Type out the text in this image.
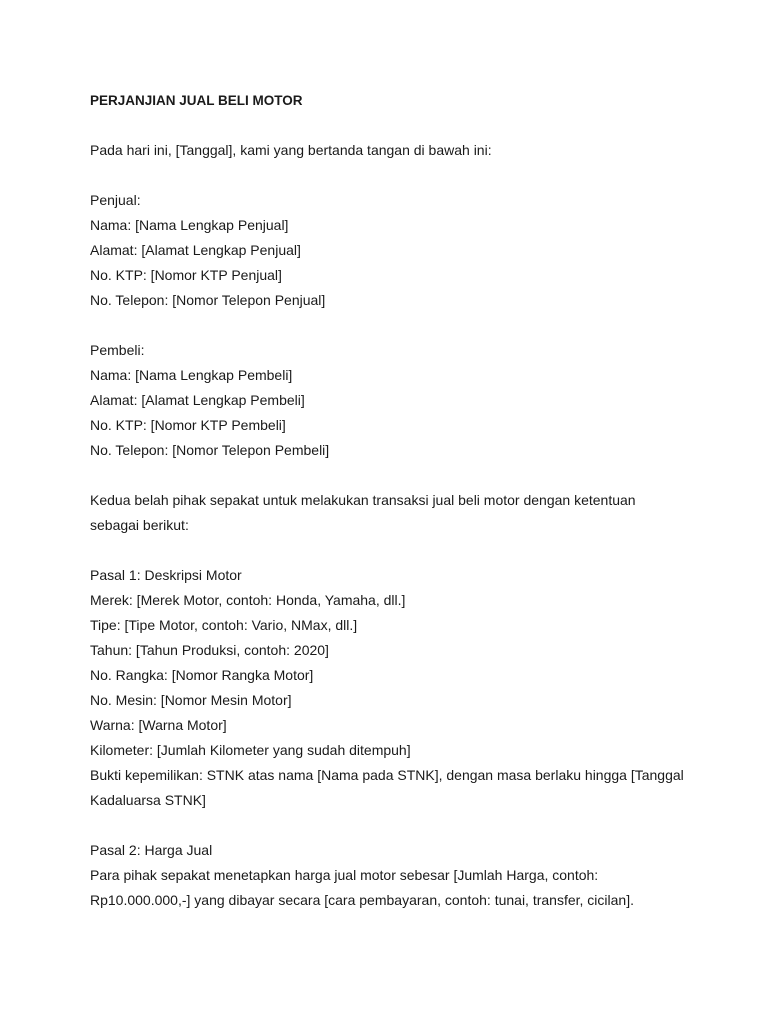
PERJANJIAN JUAL BELI MOTOR

Pada hari ini, [Tanggal], kami yang bertanda tangan di bawah ini:

Penjual:

Nama: [Nama Lengkap Penjual]

Alamat: [Alamat Lengkap Penjual]

No. KTP: [Nomor KTP Penjual]

No. Telepon: [Nomor Telepon Penjual]

Pembeli:

Nama: [Nama Lengkap Pembeli]

Alamat: [Alamat Lengkap Pembeli]

No. KTP: [Nomor KTP Pembeli]

No. Telepon: [Nomor Telepon Pembeli]

Kedua belah pihak sepakat untuk melakukan transaksi jual beli motor dengan ketentuan

sebagai berikut:

Pasal 1: Deskripsi Motor

Merek: [Merek Motor, contoh: Honda, Yamaha, dll.]

Tipe: [Tipe Motor, contoh: Vario, NMax, dll.]

Tahun: [Tahun Produksi, contoh: 2020]

No. Rangka: [Nomor Rangka Motor]

No. Mesin: [Nomor Mesin Motor]

Warna: [Warna Motor]

Kilometer: [Jumlah Kilometer yang sudah ditempuh]

Bukti kepemilikan: STNK atas nama [Nama pada STNK], dengan masa berlaku hingga [Tanggal

Kadaluarsa STNK]

Pasal 2: Harga Jual

Para pihak sepakat menetapkan harga jual motor sebesar [Jumlah Harga, contoh:

Rp10.000.000,-] yang dibayar secara [cara pembayaran, contoh: tunai, transfer, cicilan].
